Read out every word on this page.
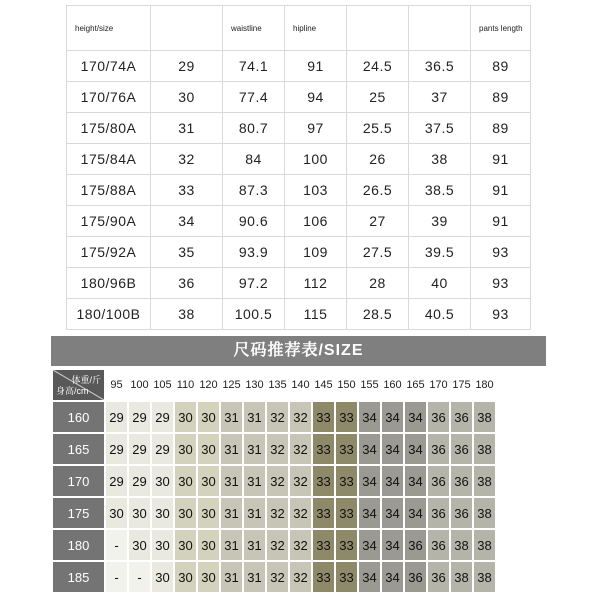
height/size		waistline	hipline			pants length
170/74A	29	74.1	91	24.5	36.5	89
170/76A	30	77.4	94	25	37	89
175/80A	31	80.7	97	25.5	37.5	89
175/84A	32	84	100	26	38	91
175/88A	33	87.3	103	26.5	38.5	91
175/90A	34	90.6	106	27	39	91
175/92A	35	93.9	109	27.5	39.5	93
180/96B	36	97.2	112	28	40	93
180/100B	38	100.5	115	28.5	40.5	93
尺码推荐表/SIZE
体重/斤
身高/cm	95	100	105	110	120	125	130	135	140	145	150	155	160	165	170	175	180
160	29	29	29	30	30	31	31	32	32	33	33	34	34	34	36	36	38
165	29	29	29	30	30	31	31	32	32	33	33	34	34	34	36	36	38
170	29	29	30	30	30	31	31	32	32	33	33	34	34	34	36	36	38
175	30	30	30	30	30	31	31	32	32	33	33	34	34	34	36	36	38
180	-	30	30	30	30	31	31	32	32	33	33	34	34	36	36	38	38
185	-	-	30	30	30	31	31	32	32	33	33	34	34	36	36	38	38
